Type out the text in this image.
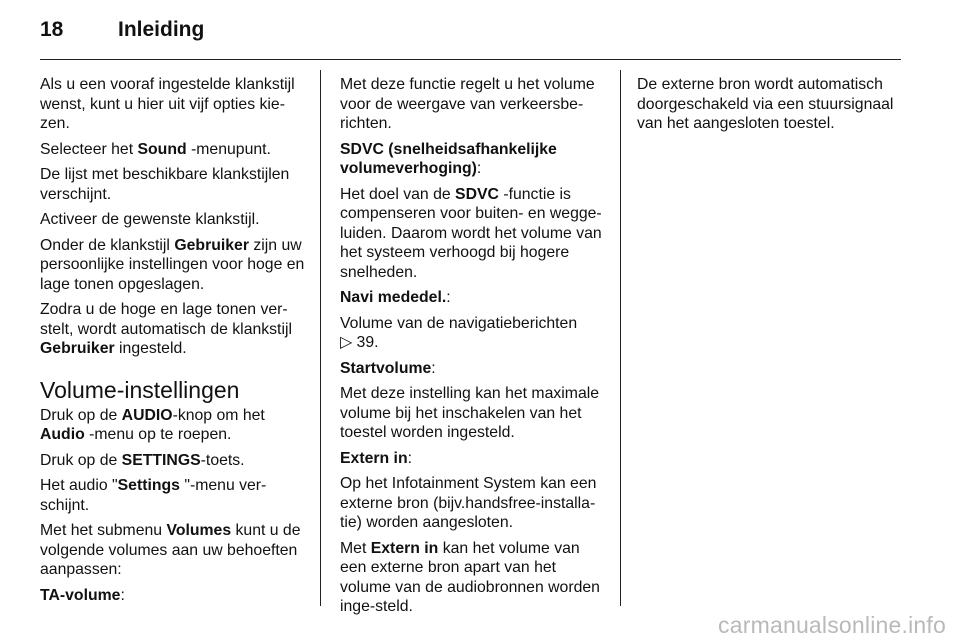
18	Inleiding

Als u een vooraf ingestelde klankstijl wenst, kunt u hier uit vijf opties kie-zen.

Selecteer het Sound -menupunt.

De lijst met beschikbare klankstijlen verschijnt.

Activeer de gewenste klankstijl.

Onder de klankstijl Gebruiker zijn uw persoonlijke instellingen voor hoge en lage tonen opgeslagen.

Zodra u de hoge en lage tonen ver-stelt, wordt automatisch de klankstijl Gebruiker ingesteld.

Volume-instellingen

Druk op de AUDIO-knop om het Audio -menu op te roepen.

Druk op de SETTINGS-toets.

Het audio "Settings "-menu ver-schijnt.

Met het submenu Volumes kunt u de volgende volumes aan uw behoeften aanpassen:

TA-volume:

Met deze functie regelt u het volume voor de weergave van verkeersbe-richten.

SDVC (snelheidsafhankelijke volumeverhoging):

Het doel van de SDVC -functie is compenseren voor buiten- en wegge-luiden. Daarom wordt het volume van het systeem verhoogd bij hogere snelheden.

Navi mededel.:

Volume van de navigatieberichten
▷ 39.

Startvolume:

Met deze instelling kan het maximale volume bij het inschakelen van het toestel worden ingesteld.

Extern in:

Op het Infotainment System kan een externe bron (bijv.handsfree-installa-tie) worden aangesloten.

Met Extern in kan het volume van een externe bron apart van het volume van de audiobronnen worden inge-steld.

De externe bron wordt automatisch doorgeschakeld via een stuursignaal van het aangesloten toestel.

carmanualsonline.info
